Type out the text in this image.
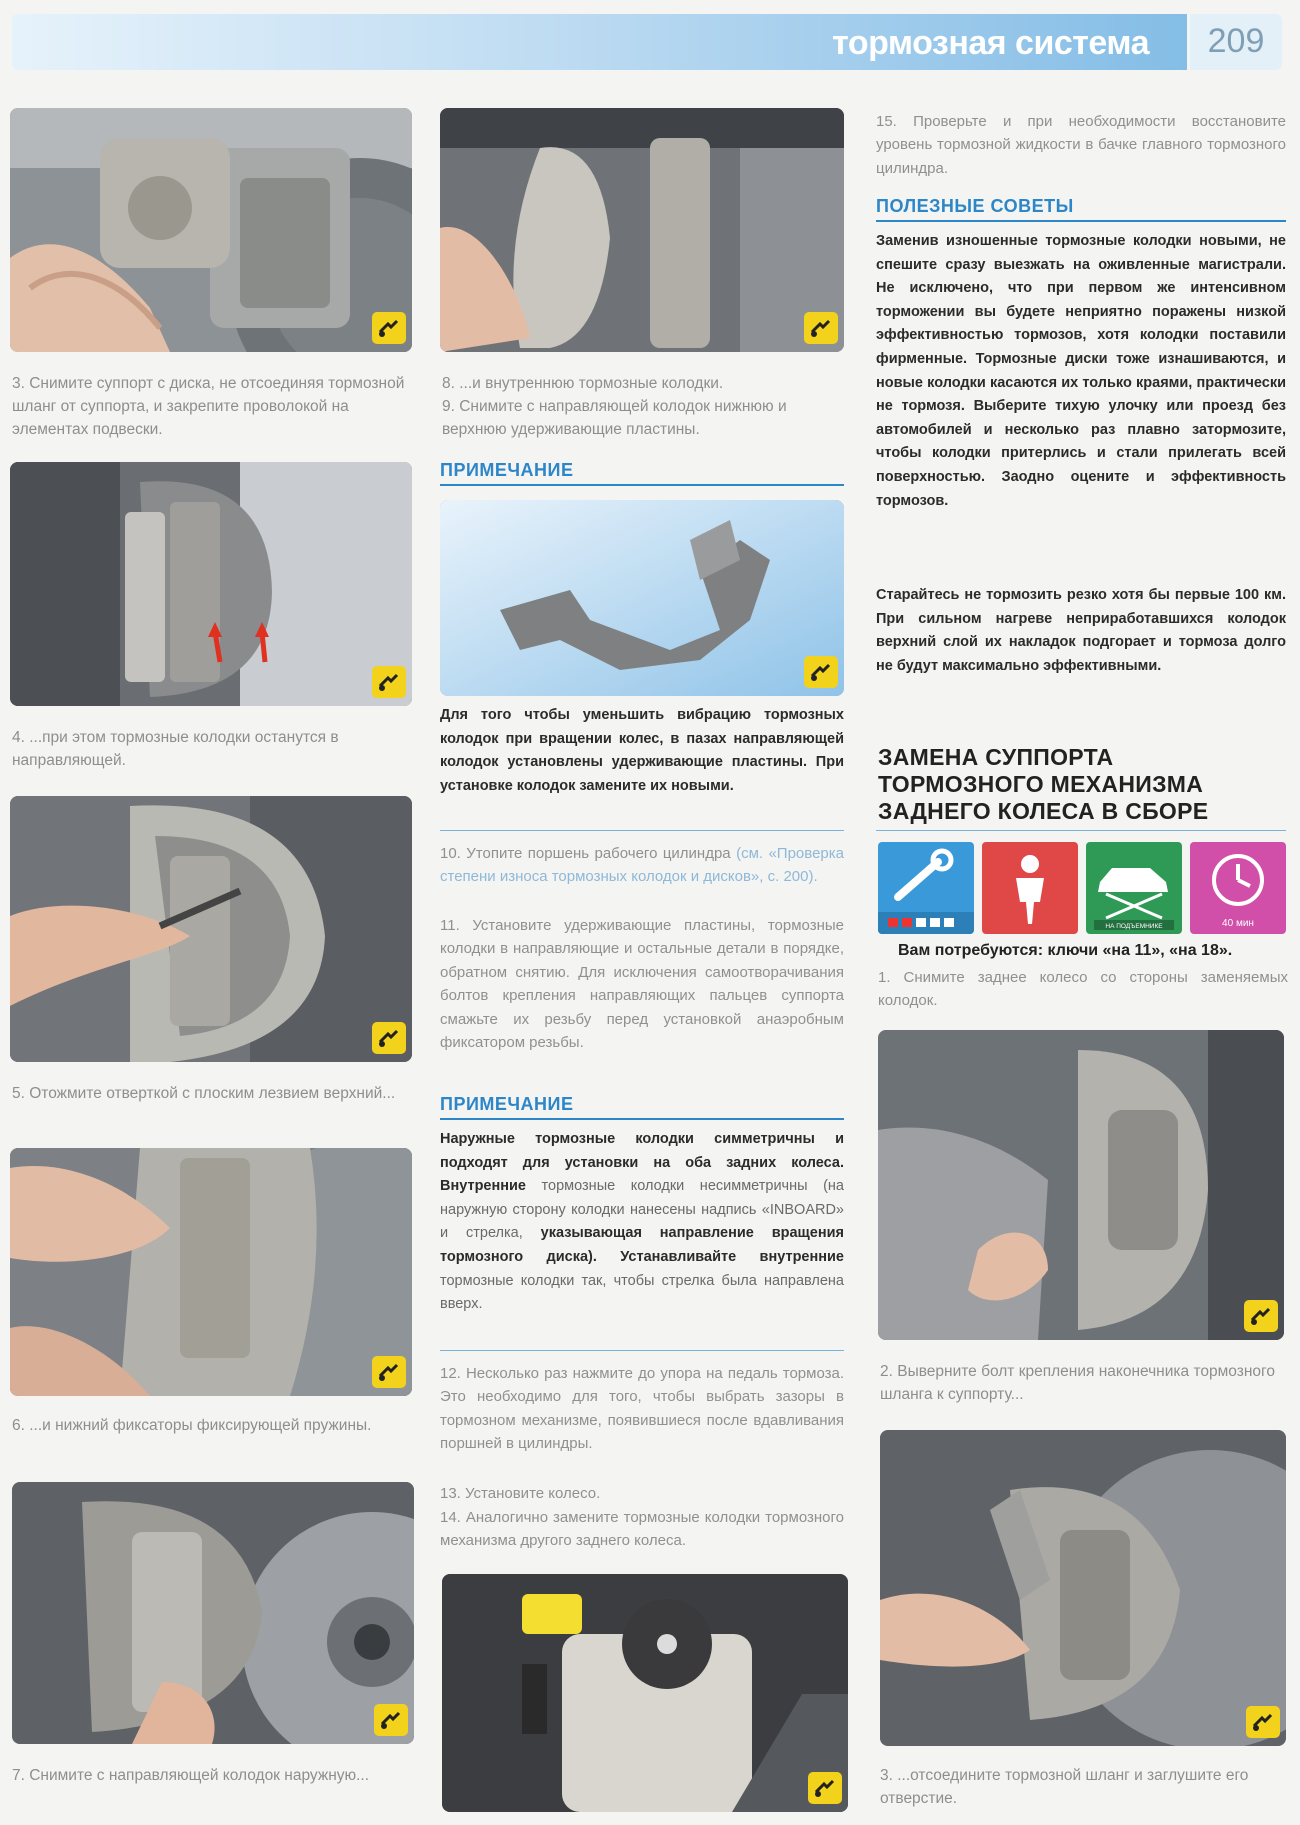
тормозная система	209
3. Снимите суппорт с диска, не отсоединяя тормозной шланг от суппорта, и закрепите проволокой на элементах подвески.
4. ...при этом тормозные колодки останутся в направляющей.
5. Отожмите отверткой с плоским лезвием верхний...
6. ...и нижний фиксаторы фиксирующей пружины.
7. Снимите с направляющей колодок наружную...
8. ...и внутреннюю тормозные колодки.
9. Снимите с направляющей колодок нижнюю и верхнюю удерживающие пластины.
ПРИМЕЧАНИЕ
Для того чтобы уменьшить вибрацию тормозных колодок при вращении колес, в пазах направляющей колодок установлены удерживающие пластины. При установке колодок замените их новыми.
10. Утопите поршень рабочего цилиндра (см. «Проверка степени износа тормозных колодок и дисков», с. 200).
11. Установите удерживающие пластины, тормозные колодки в направляющие и остальные детали в порядке, обратном снятию. Для исключения самоотворачивания болтов крепления направляющих пальцев суппорта смажьте их резьбу перед установкой анаэробным фиксатором резьбы.
ПРИМЕЧАНИЕ
Наружные тормозные колодки симметричны и подходят для установки на оба задних колеса. Внутренние тормозные колодки несимметричны (на наружную сторону колодки нанесены надпись «INBOARD» и стрелка, указывающая направление вращения тормозного диска). Устанавливайте внутренние тормозные колодки так, чтобы стрелка была направлена вверх.
12. Несколько раз нажмите до упора на педаль тормоза. Это необходимо для того, чтобы выбрать зазоры в тормозном механизме, появившиеся после вдавливания поршней в цилиндры.
13. Установите колесо.
14. Аналогично замените тормозные колодки тормозного механизма другого заднего колеса.
15. Проверьте и при необходимости восстановите уровень тормозной жидкости в бачке главного тормозного цилиндра.
ПОЛЕЗНЫЕ СОВЕТЫ
Заменив изношенные тормозные колодки новыми, не спешите сразу выезжать на оживленные магистрали. Не исключено, что при первом же интенсивном торможении вы будете неприятно поражены низкой эффективностью тормозов, хотя колодки поставили фирменные. Тормозные диски тоже изнашиваются, и новые колодки касаются их только краями, практически не тормозя. Выберите тихую улочку или проезд без автомобилей и несколько раз плавно затормозите, чтобы колодки притерлись и стали прилегать всей поверхностью. Заодно оцените и эффективность тормозов.
Старайтесь не тормозить резко хотя бы первые 100 км. При сильном нагреве неприработавшихся колодок верхний слой их накладок подгорает и тормоза долго не будут максимально эффективными.
ЗАМЕНА СУППОРТА
ТОРМОЗНОГО МЕХАНИЗМА
ЗАДНЕГО КОЛЕСА В СБОРЕ
НА ПОДЪЕМНИКЕ	40 мин
Вам потребуются: ключи «на 11», «на 18».
1. Снимите заднее колесо со стороны заменяемых колодок.
2. Выверните болт крепления наконечника тормозного шланга к суппорту...
3. ...отсоедините тормозной шланг и заглушите его отверстие.
